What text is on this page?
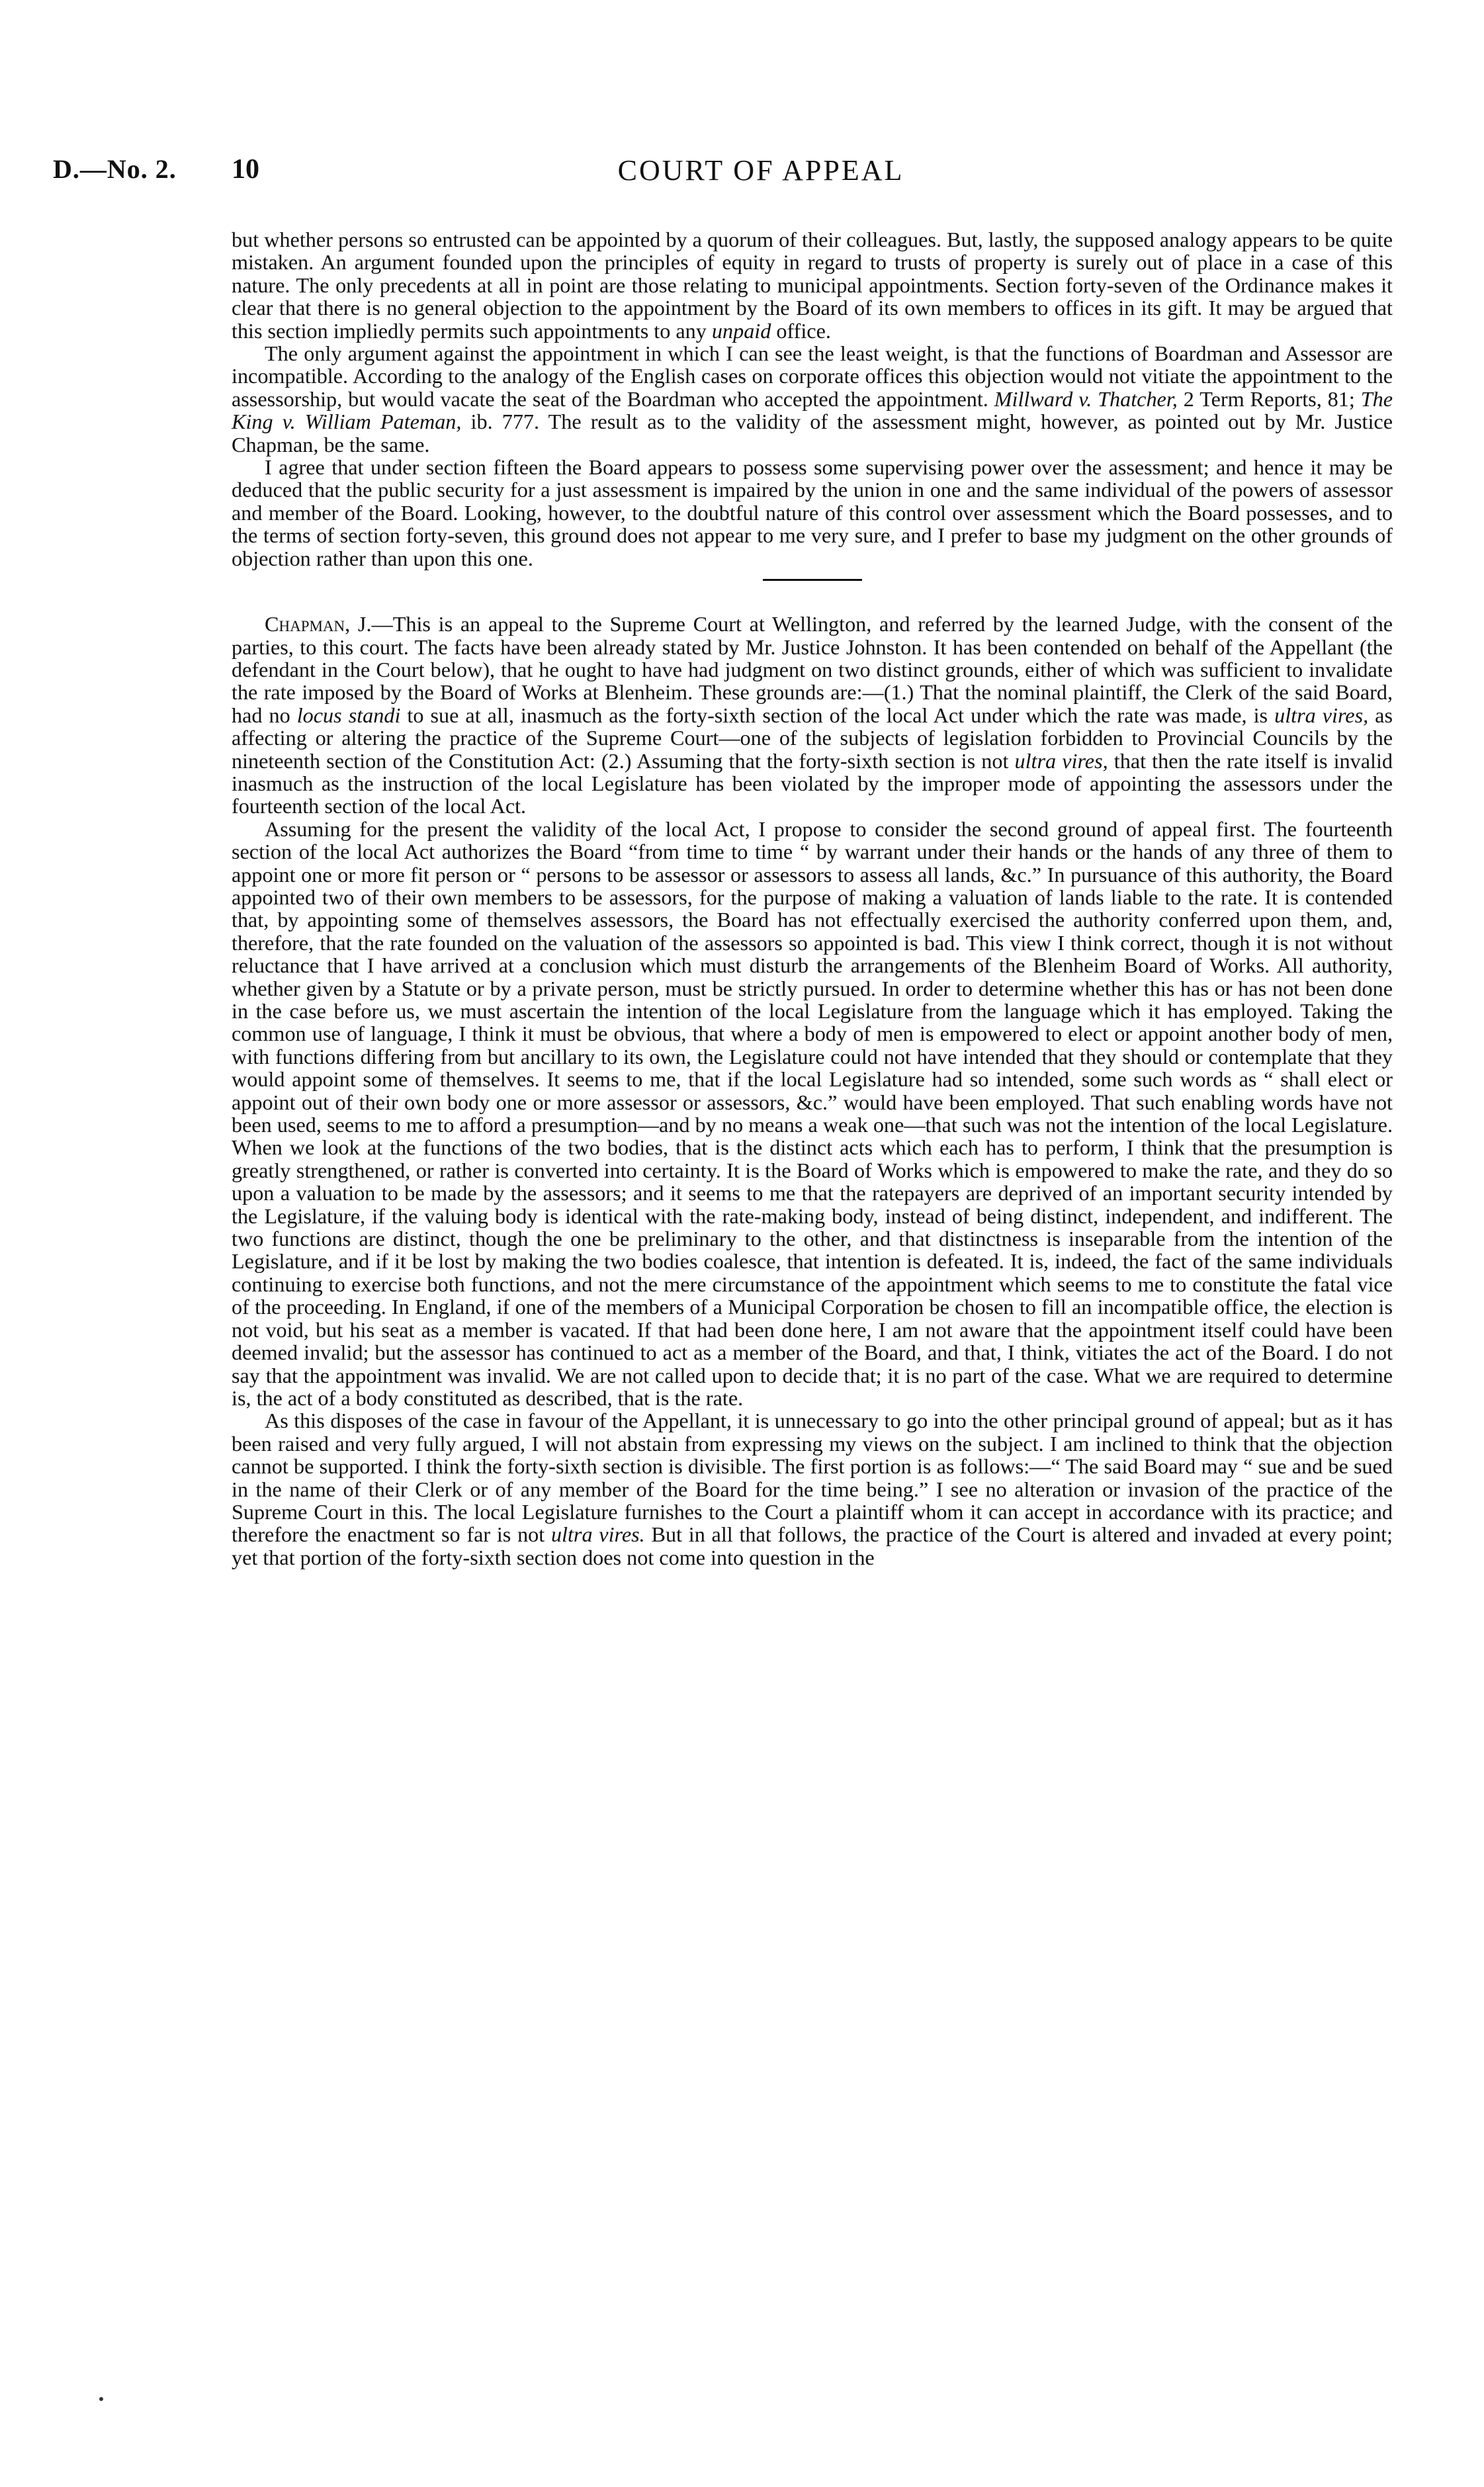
D.—No. 2. 10	COURT OF APPEAL

but whether persons so entrusted can be appointed by a quorum of their colleagues. But, lastly, the supposed analogy appears to be quite mistaken. An argument founded upon the principles of equity in regard to trusts of property is surely out of place in a case of this nature. The only precedents at all in point are those relating to municipal appointments. Section forty-seven of the Ordinance makes it clear that there is no general objection to the appointment by the Board of its own members to offices in its gift. It may be argued that this section impliedly permits such appointments to any unpaid office.

The only argument against the appointment in which I can see the least weight, is that the functions of Boardman and Assessor are incompatible. According to the analogy of the English cases on corporate offices this objection would not vitiate the appointment to the assessorship, but would vacate the seat of the Boardman who accepted the appointment. Millward v. Thatcher, 2 Term Reports, 81; The King v. William Pateman, ib. 777. The result as to the validity of the assessment might, however, as pointed out by Mr. Justice Chapman, be the same.

I agree that under section fifteen the Board appears to possess some supervising power over the assessment; and hence it may be deduced that the public security for a just assessment is impaired by the union in one and the same individual of the powers of assessor and member of the Board. Looking, however, to the doubtful nature of this control over assessment which the Board possesses, and to the terms of section forty-seven, this ground does not appear to me very sure, and I prefer to base my judgment on the other grounds of objection rather than upon this one.

Chapman, J.—This is an appeal to the Supreme Court at Wellington, and referred by the learned Judge, with the consent of the parties, to this court. The facts have been already stated by Mr. Justice Johnston. It has been contended on behalf of the Appellant (the defendant in the Court below), that he ought to have had judgment on two distinct grounds, either of which was sufficient to invalidate the rate imposed by the Board of Works at Blenheim. These grounds are:—(1.) That the nominal plaintiff, the Clerk of the said Board, had no locus standi to sue at all, inasmuch as the forty-sixth section of the local Act under which the rate was made, is ultra vires, as affecting or altering the practice of the Supreme Court—one of the subjects of legislation forbidden to Provincial Councils by the nineteenth section of the Constitution Act: (2.) Assuming that the forty-sixth section is not ultra vires, that then the rate itself is invalid inasmuch as the instruction of the local Legislature has been violated by the improper mode of appointing the assessors under the fourteenth section of the local Act.

Assuming for the present the validity of the local Act, I propose to consider the second ground of appeal first. The fourteenth section of the local Act authorizes the Board “from time to time “ by warrant under their hands or the hands of any three of them to appoint one or more fit person or “ persons to be assessor or assessors to assess all lands, &c.” In pursuance of this authority, the Board appointed two of their own members to be assessors, for the purpose of making a valuation of lands liable to the rate. It is contended that, by appointing some of themselves assessors, the Board has not effectually exercised the authority conferred upon them, and, therefore, that the rate founded on the valuation of the assessors so appointed is bad. This view I think correct, though it is not without reluctance that I have arrived at a conclusion which must disturb the arrangements of the Blenheim Board of Works. All authority, whether given by a Statute or by a private person, must be strictly pursued. In order to determine whether this has or has not been done in the case before us, we must ascertain the intention of the local Legislature from the language which it has employed. Taking the common use of language, I think it must be obvious, that where a body of men is empowered to elect or appoint another body of men, with functions differing from but ancillary to its own, the Legislature could not have intended that they should or contemplate that they would appoint some of themselves. It seems to me, that if the local Legislature had so intended, some such words as “ shall elect or appoint out of their own body one or more assessor or assessors, &c.” would have been employed. That such enabling words have not been used, seems to me to afford a presumption—and by no means a weak one—that such was not the intention of the local Legislature. When we look at the functions of the two bodies, that is the distinct acts which each has to perform, I think that the presumption is greatly strengthened, or rather is converted into certainty. It is the Board of Works which is empowered to make the rate, and they do so upon a valuation to be made by the assessors; and it seems to me that the ratepayers are deprived of an important security intended by the Legislature, if the valuing body is identical with the rate-making body, instead of being distinct, independent, and indifferent. The two functions are distinct, though the one be preliminary to the other, and that distinctness is inseparable from the intention of the Legislature, and if it be lost by making the two bodies coalesce, that intention is defeated. It is, indeed, the fact of the same individuals continuing to exercise both functions, and not the mere circumstance of the appointment which seems to me to constitute the fatal vice of the proceeding. In England, if one of the members of a Municipal Corporation be chosen to fill an incompatible office, the election is not void, but his seat as a member is vacated. If that had been done here, I am not aware that the appointment itself could have been deemed invalid; but the assessor has continued to act as a member of the Board, and that, I think, vitiates the act of the Board. I do not say that the appointment was invalid. We are not called upon to decide that; it is no part of the case. What we are required to determine is, the act of a body constituted as described, that is the rate.

As this disposes of the case in favour of the Appellant, it is unnecessary to go into the other principal ground of appeal; but as it has been raised and very fully argued, I will not abstain from expressing my views on the subject. I am inclined to think that the objection cannot be supported. I think the forty-sixth section is divisible. The first portion is as follows:—“ The said Board may “ sue and be sued in the name of their Clerk or of any member of the Board for the time being.” I see no alteration or invasion of the practice of the Supreme Court in this. The local Legislature furnishes to the Court a plaintiff whom it can accept in accordance with its practice; and therefore the enactment so far is not ultra vires. But in all that follows, the practice of the Court is altered and invaded at every point; yet that portion of the forty-sixth section does not come into question in the
